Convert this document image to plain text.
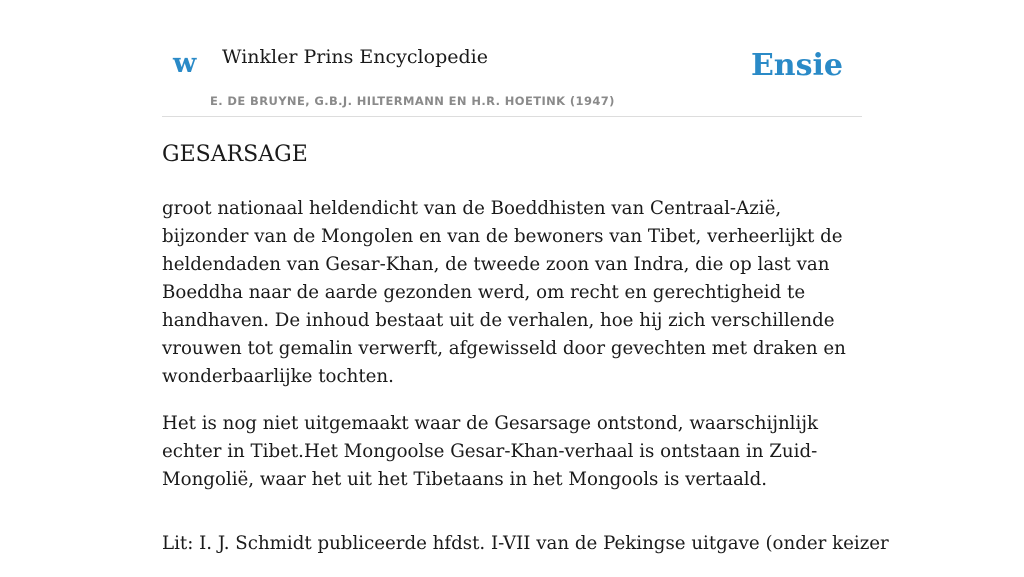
w Winkler Prins Encyclopedie
E. DE BRUYNE, G.B.J. HILTERMANN EN H.R. HOETINK (1947)
Ensie
GESARSAGE

groot nationaal heldendicht van de Boeddhisten van Centraal-Azië, bijzonder van de Mongolen en van de bewoners van Tibet, verheerlijkt de heldendaden van Gesar-Khan, de tweede zoon van Indra, die op last van Boeddha naar de aarde gezonden werd, om recht en gerechtigheid te handhaven. De inhoud bestaat uit de verhalen, hoe hij zich verschillende vrouwen tot gemalin verwerft, afgewisseld door gevechten met draken en wonderbaarlijke tochten.

Het is nog niet uitgemaakt waar de Gesarsage ontstond, waarschijnlijk echter in Tibet.Het Mongoolse Gesar-Khan-verhaal is ontstaan in Zuid-Mongolië, waar het uit het Tibetaans in het Mongools is vertaald.

Lit: I. J. Schmidt publiceerde hfdst. I-VII van de Pekingse uitgave (onder keizer
